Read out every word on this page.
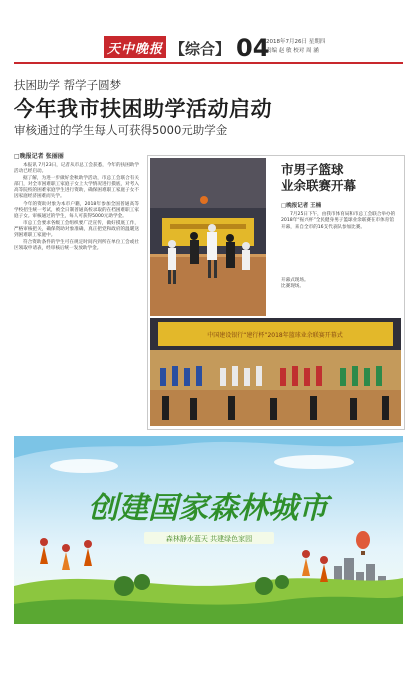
天中晚报 【综合】 04
2018年7月26日 星期四
责编 赵 敏 校对 周 涵
扶困助学 帮学子圆梦
今年我市扶困助学活动启动
审核通过的学生每人可获得5000元助学金
□晚报记者 张丽丽

本报讯 7月23日，记者从市总工会获悉，今年的扶困助学活动已经启动。

据了解，为进一步做好金秋助学活动，市总工会联合有关部门，对全市困难职工家庭子女上大学情况进行摸底，对考入高等院校的困难家庭学生进行资助，确保困难职工家庭子女不因家庭经济困难而失学。

今年的资助对象为本市户籍，2018年参加全国普通高等学校招生统一考试，被全日制普通高校录取的在档困难职工家庭子女。审核通过的学生，每人可获得5000元助学金。

市总工会要求各级工会组织要广泛宣传，做好摸底工作，严格审核把关，确保资助对象准确，真正把党和政府的温暖送到困难职工家庭中。

符合资助条件的学生可在规定时间内到所在单位工会或社区领取申请表，经审核后统一发放助学金。

市男子篮球
业余联赛开幕
□晚报记者 王楠

7月25日下午，由我市体育局和市总工会联合举办的2018年“振兴杯”全民健身男子篮球业余联赛在市体育馆开幕，来自全市的16支代表队参加比赛。

开幕式现场。
比赛现场。
中国建设银行“建行杯”2018年篮球业余联赛开幕式
创建国家森林城市
森林静水蓝天 共建绿色家园
